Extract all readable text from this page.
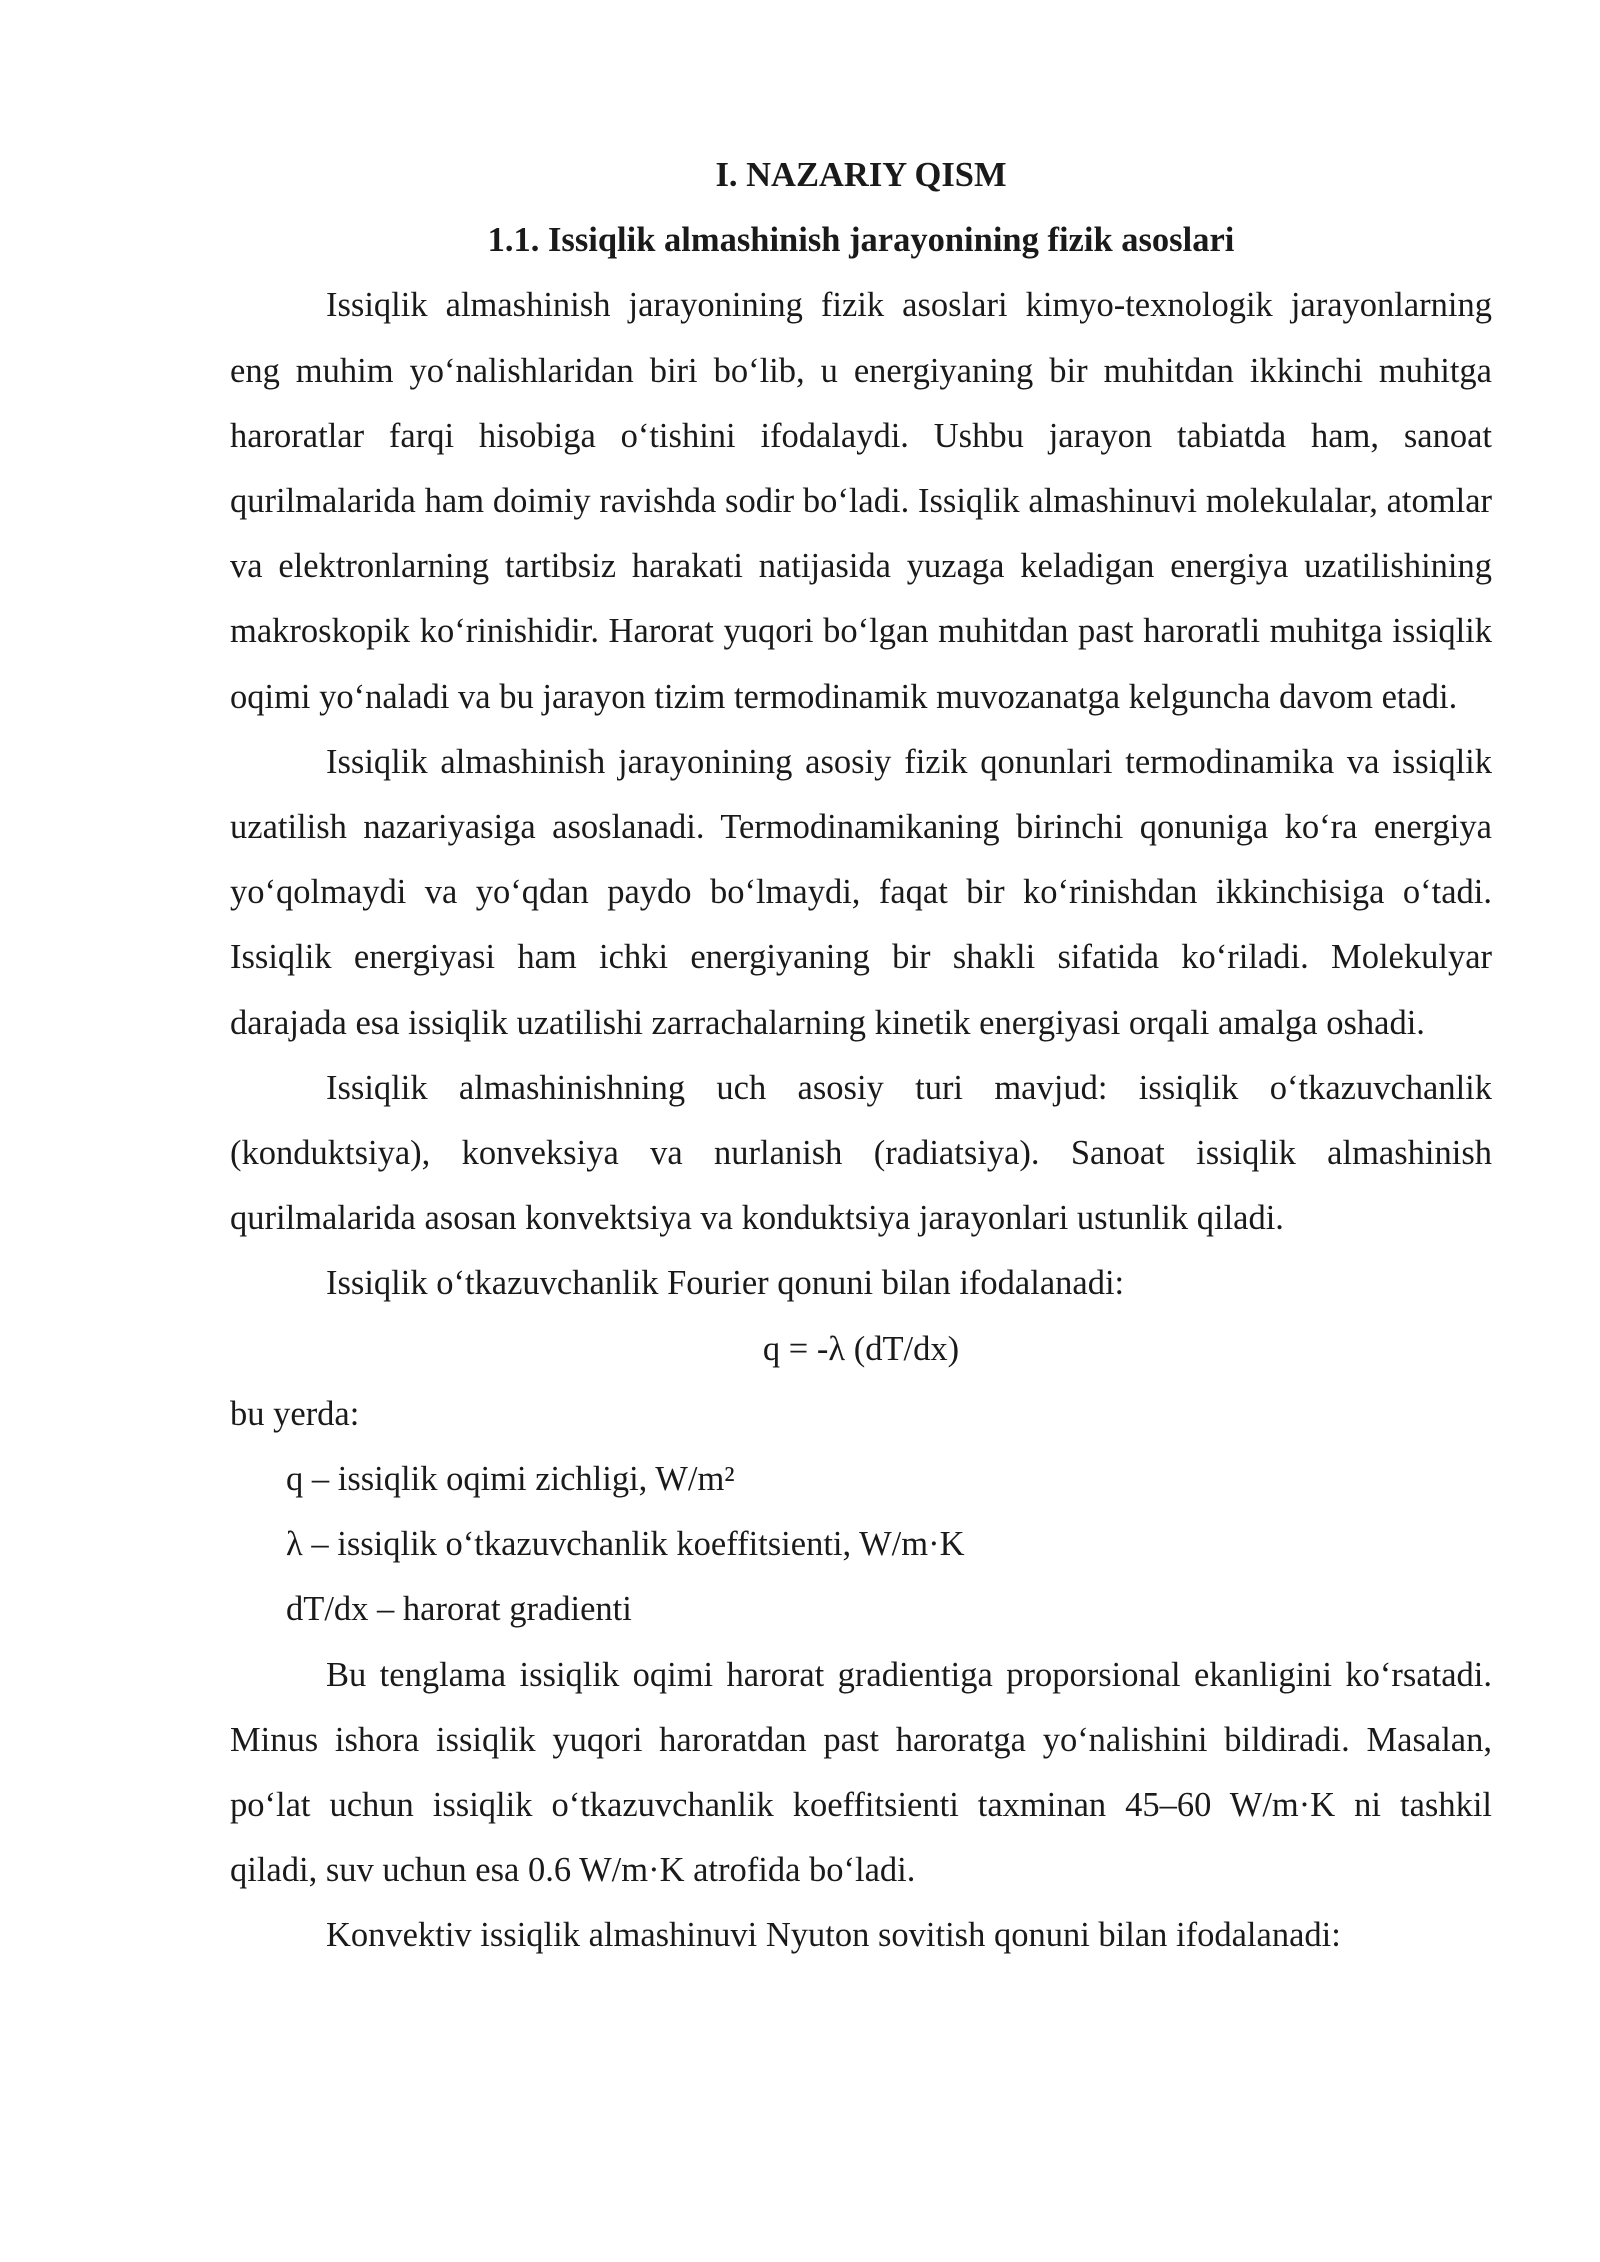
I. NAZARIY QISM

1.1. Issiqlik almashinish jarayonining fizik asoslari

Issiqlik almashinish jarayonining fizik asoslari kimyo-texnologik jarayonlarning eng muhim yo‘nalishlaridan biri bo‘lib, u energiyaning bir muhitdan ikkinchi muhitga haroratlar farqi hisobiga o‘tishini ifodalaydi. Ushbu jarayon tabiatda ham, sanoat qurilmalarida ham doimiy ravishda sodir bo‘ladi. Issiqlik almashinuvi molekulalar, atomlar va elektronlarning tartibsiz harakati natijasida yuzaga keladigan energiya uzatilishining makroskopik ko‘rinishidir. Harorat yuqori bo‘lgan muhitdan past haroratli muhitga issiqlik oqimi yo‘naladi va bu jarayon tizim termodinamik muvozanatga kelguncha davom etadi.

Issiqlik almashinish jarayonining asosiy fizik qonunlari termodinamika va issiqlik uzatilish nazariyasiga asoslanadi. Termodinamikaning birinchi qonuniga ko‘ra energiya yo‘qolmaydi va yo‘qdan paydo bo‘lmaydi, faqat bir ko‘rinishdan ikkinchisiga o‘tadi. Issiqlik energiyasi ham ichki energiyaning bir shakli sifatida ko‘riladi. Molekulyar darajada esa issiqlik uzatilishi zarrachalarning kinetik energiyasi orqali amalga oshadi.

Issiqlik almashinishning uch asosiy turi mavjud: issiqlik o‘tkazuvchanlik (konduktsiya), konveksiya va nurlanish (radiatsiya). Sanoat issiqlik almashinish qurilmalarida asosan konvektsiya va konduktsiya jarayonlari ustunlik qiladi.

Issiqlik o‘tkazuvchanlik Fourier qonuni bilan ifodalanadi:

q = -λ (dT/dx)

bu yerda:

q – issiqlik oqimi zichligi, W/m²

λ – issiqlik o‘tkazuvchanlik koeffitsienti, W/m·K

dT/dx – harorat gradienti

Bu tenglama issiqlik oqimi harorat gradientiga proporsional ekanligini ko‘rsatadi. Minus ishora issiqlik yuqori haroratdan past haroratga yo‘nalishini bildiradi. Masalan, po‘lat uchun issiqlik o‘tkazuvchanlik koeffitsienti taxminan 45–60 W/m·K ni tashkil qiladi, suv uchun esa 0.6 W/m·K atrofida bo‘ladi.

Konvektiv issiqlik almashinuvi Nyuton sovitish qonuni bilan ifodalanadi:
